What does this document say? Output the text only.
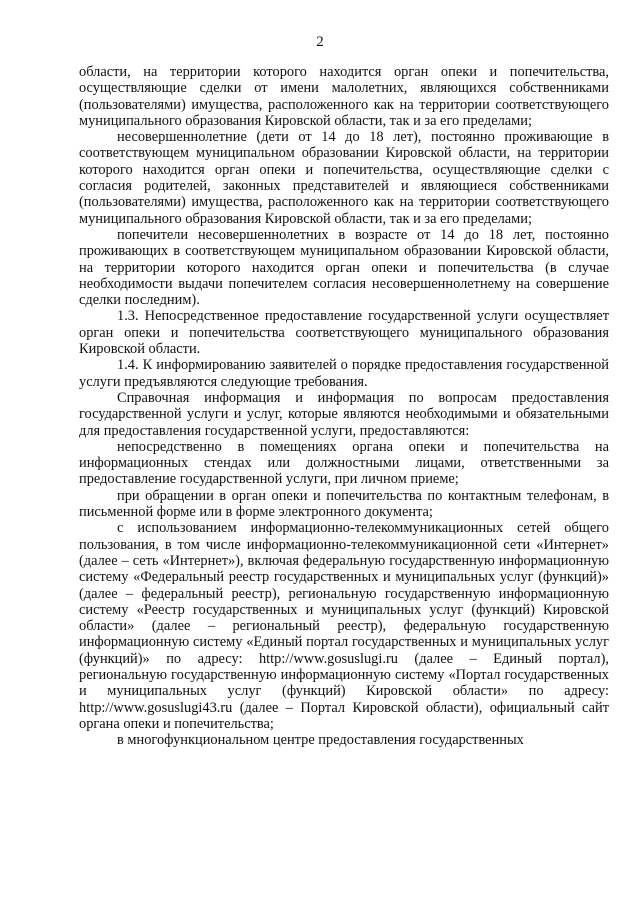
2

области, на территории которого находится орган опеки и попечительства, осуществляющие сделки от имени малолетних, являющихся собственниками (пользователями) имущества, расположенного как на территории соответствующего муниципального образования Кировской области, так и за его пределами;

несовершеннолетние (дети от 14 до 18 лет), постоянно проживающие в соответствующем муниципальном образовании Кировской области, на территории которого находится орган опеки и попечительства, осуществляющие сделки с согласия родителей, законных представителей и являющиеся собственниками (пользователями) имущества, расположенного как на территории соответствующего муниципального образования Кировской области, так и за его пределами;

попечители несовершеннолетних в возрасте от 14 до 18 лет, постоянно проживающих в соответствующем муниципальном образовании Кировской области, на территории которого находится орган опеки и попечительства (в случае необходимости выдачи попечителем согласия несовершеннолетнему на совершение сделки последним).

1.3. Непосредственное предоставление государственной услуги осуществляет орган опеки и попечительства соответствующего муниципального образования Кировской области.

1.4. К информированию заявителей о порядке предоставления государственной услуги предъявляются следующие требования.

Справочная информация и информация по вопросам предоставления государственной услуги и услуг, которые являются необходимыми и обязательными для предоставления государственной услуги, предоставляются:

непосредственно в помещениях органа опеки и попечительства на информационных стендах или должностными лицами, ответственными за предоставление государственной услуги, при личном приеме;

при обращении в орган опеки и попечительства по контактным телефонам, в письменной форме или в форме электронного документа;

с использованием информационно-телекоммуникационных сетей общего пользования, в том числе информационно-телекоммуникационной сети «Интернет» (далее – сеть «Интернет»), включая федеральную государственную информационную систему «Федеральный реестр государственных и муниципальных услуг (функций)» (далее – федеральный реестр), региональную государственную информационную систему «Реестр государственных и муниципальных услуг (функций) Кировской области» (далее – региональный реестр), федеральную государственную информационную систему «Единый портал государственных и муниципальных услуг (функций)» по адресу: http://www.gosuslugi.ru (далее – Единый портал), региональную государственную информационную систему «Портал государственных и муниципальных услуг (функций) Кировской области» по адресу: http://www.gosuslugi43.ru (далее – Портал Кировской области), официальный сайт органа опеки и попечительства;

в многофункциональном центре предоставления государственных
